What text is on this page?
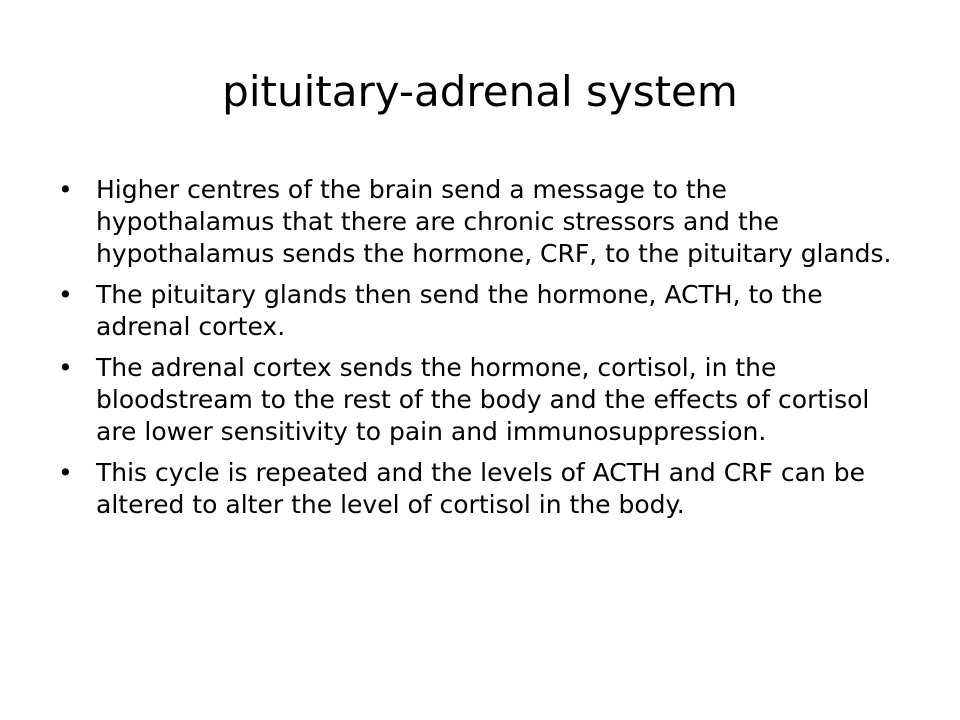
pituitary-adrenal system
• Higher centres of the brain send a message to the hypothalamus that there are chronic stressors and the hypothalamus sends the hormone, CRF, to the pituitary glands.
• The pituitary glands then send the hormone, ACTH, to the adrenal cortex.
• The adrenal cortex sends the hormone, cortisol, in the bloodstream to the rest of the body and the effects of cortisol are lower sensitivity to pain and immunosuppression.
• This cycle is repeated and the levels of ACTH and CRF can be altered to alter the level of cortisol in the body.
